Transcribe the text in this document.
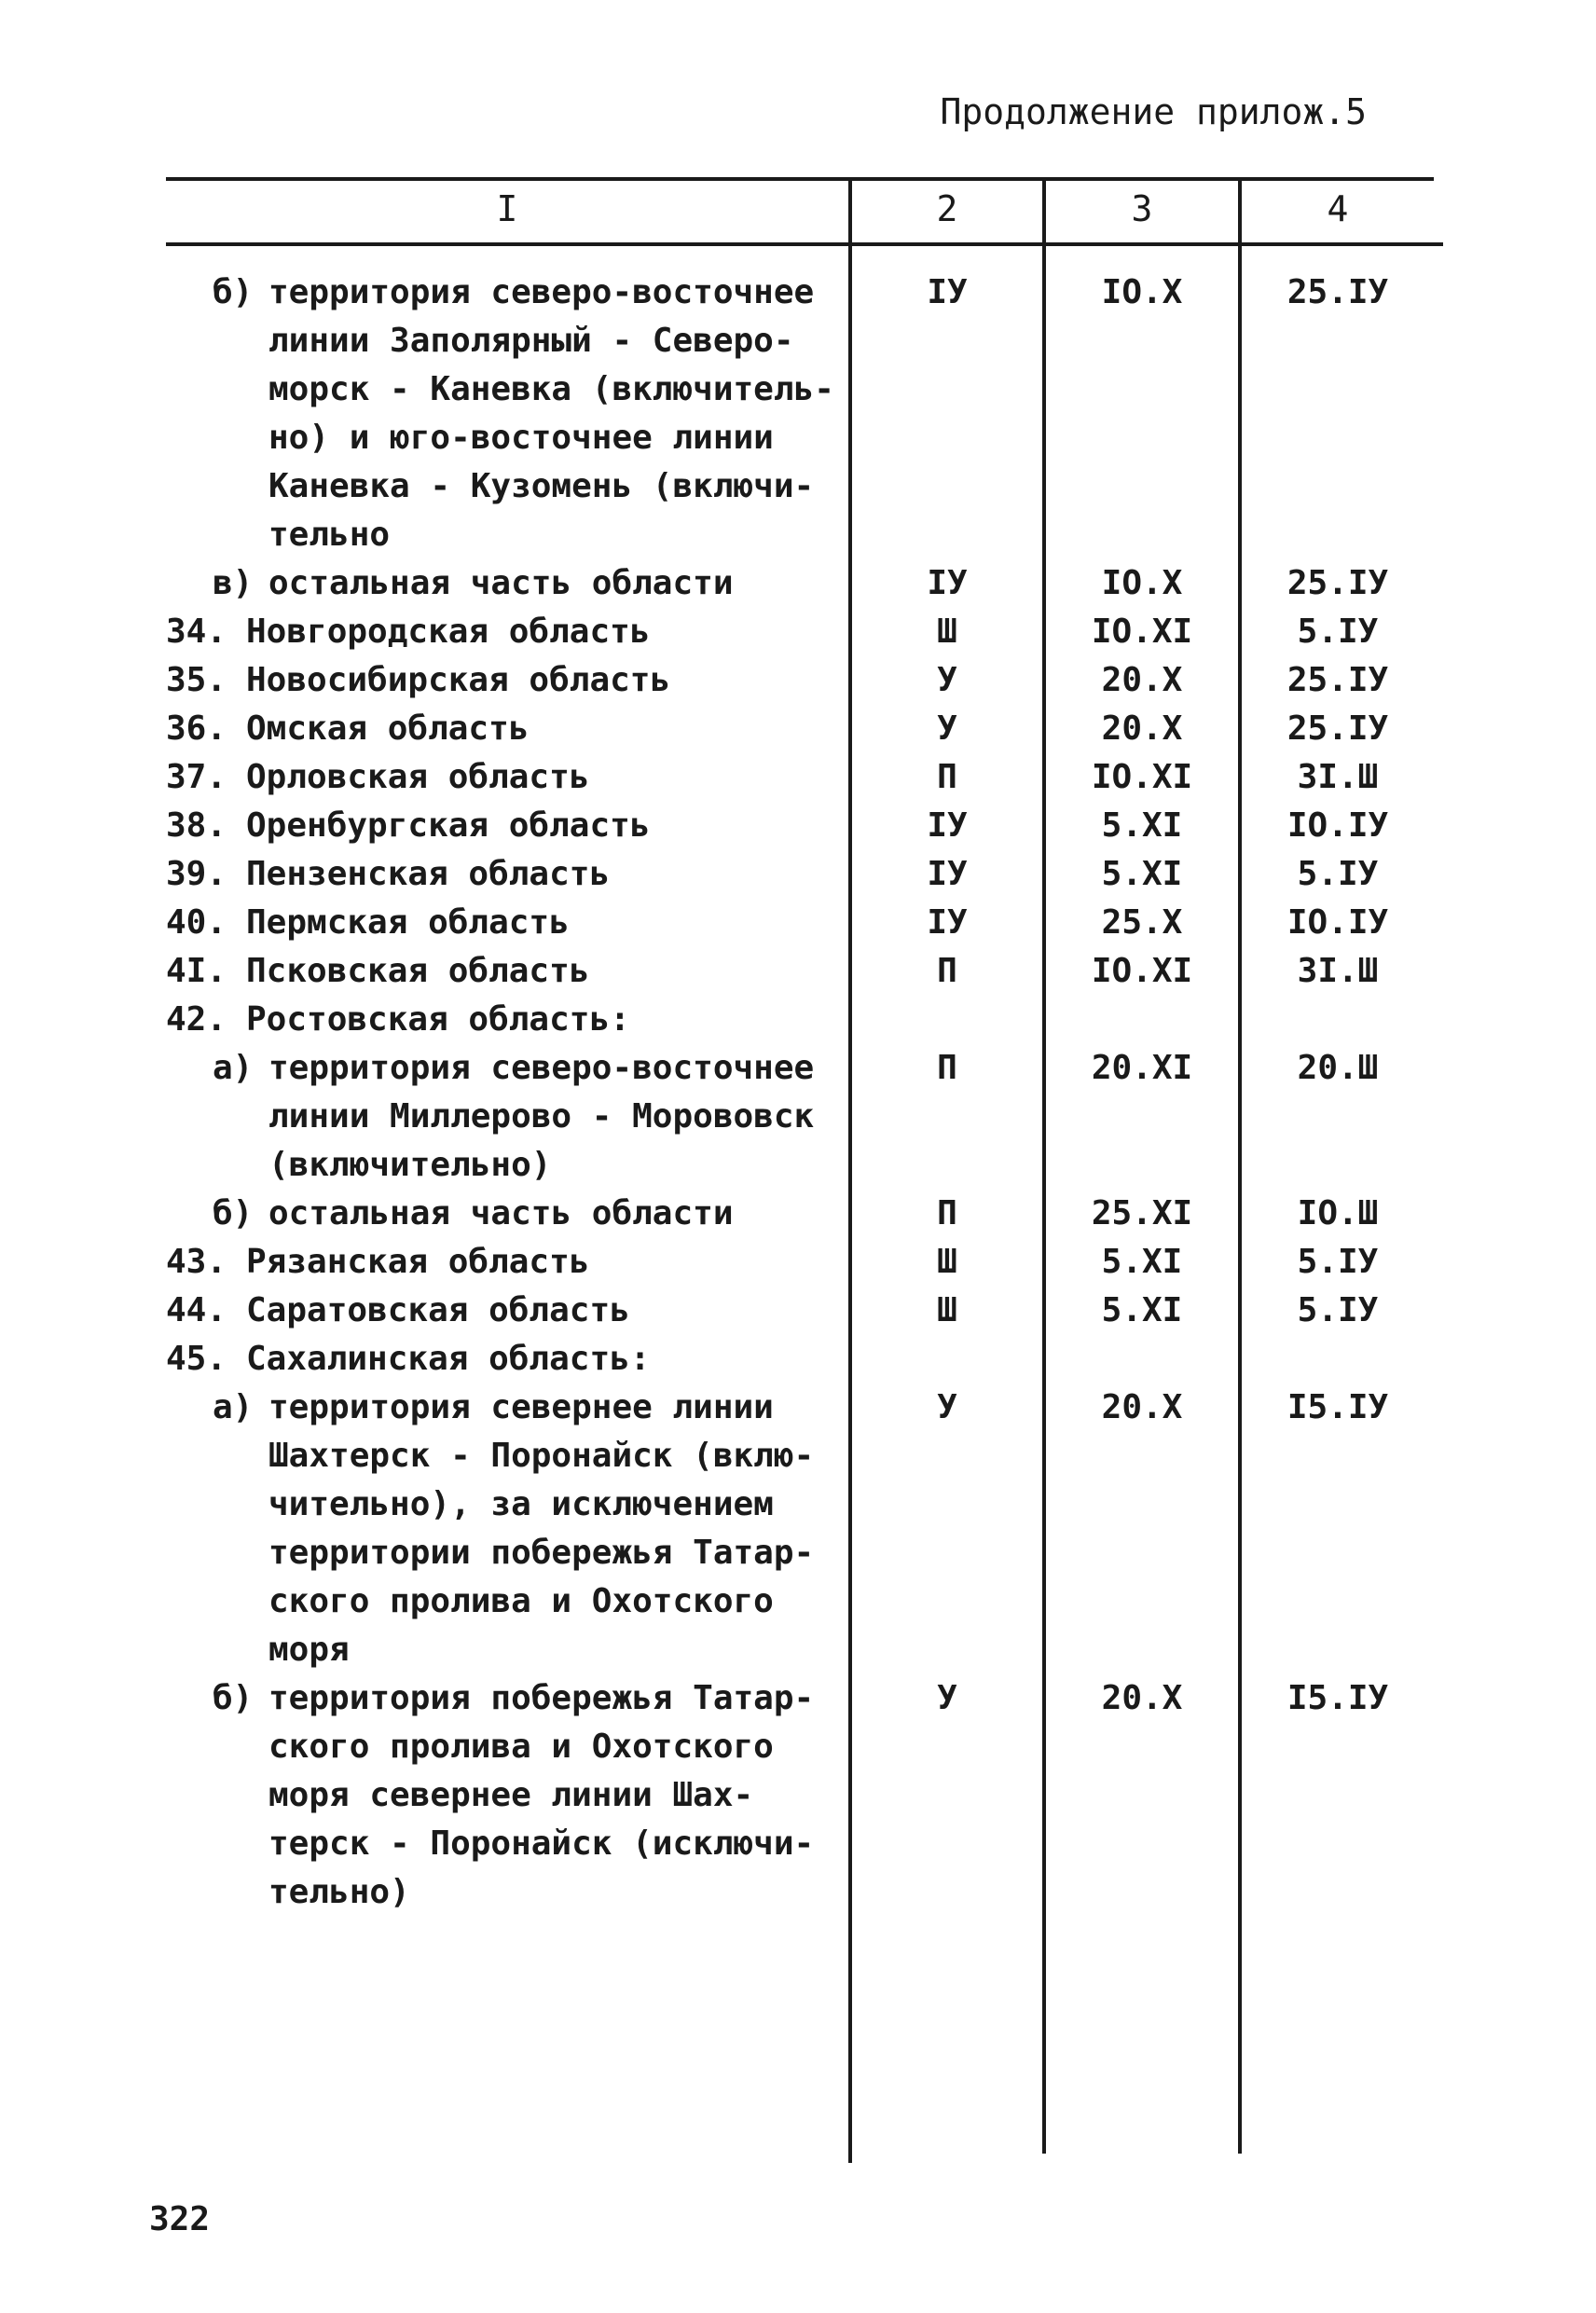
Продолжение прилож.5
I	2	3	4
б) территория северо-восточнее
линии Заполярный - Северо-
морск - Каневка (включитель-
но) и юго-восточнее линии
Каневка - Кузомень (включи-
тельно
IУ	IO.X	25.IУ
в) остальная часть области	IУ	IO.X	25.IУ
34. Новгородская область	Ш	IO.XI	5.IУ
35. Новосибирская область	У	20.X	25.IУ
36. Омская область	У	20.X	25.IУ
37. Орловская область	П	IO.XI	3I.Ш
38. Оренбургская область	IУ	5.XI	IO.IУ
39. Пензенская область	IУ	5.XI	5.IУ
40. Пермская область	IУ	25.X	IO.IУ
4I. Псковская область	П	IO.XI	3I.Ш
42. Ростовская область:
а) территория северо-восточнее
линии Миллерово - Морововск
(включительно)
П	20.XI	20.Ш
б) остальная часть области	П	25.XI	IO.Ш
43. Рязанская область	Ш	5.XI	5.IУ
44. Саратовская область	Ш	5.XI	5.IУ
45. Сахалинская область:
а) территория севернее линии
Шахтерск - Поронайск (вклю-
чительно), за исключением
территории побережья Татар-
ского пролива и Охотского
моря
У	20.X	I5.IУ
б) территория побережья Татар-
ского пролива и Охотского
моря севернее линии Шах-
терск - Поронайск (исключи-
тельно)
У	20.X	I5.IУ
322
